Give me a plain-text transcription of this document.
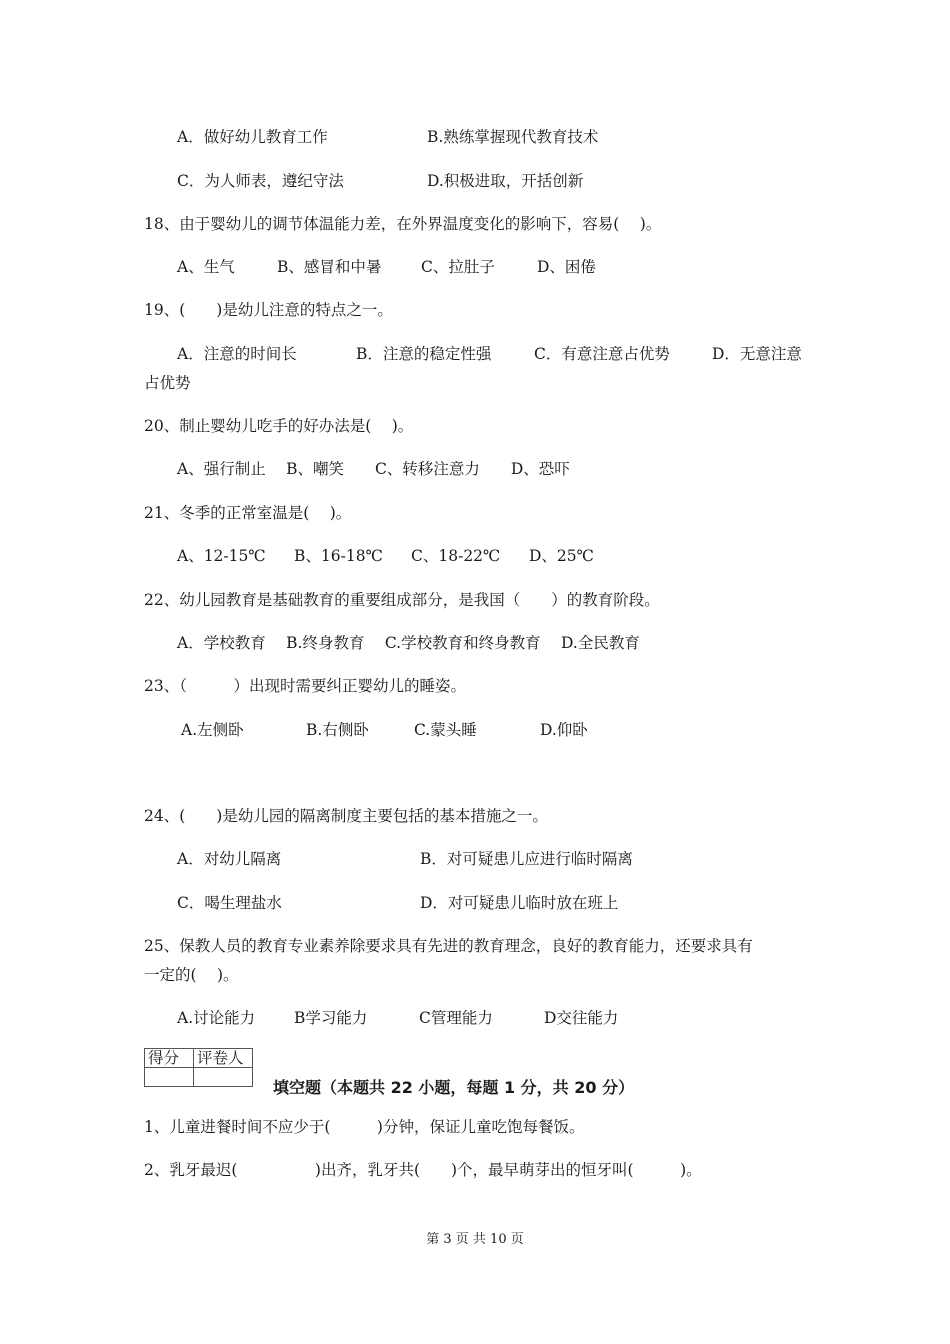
A．做好幼儿教育工作	B.熟练掌握现代教育技术
C．为人师表，遵纪守法	D.积极进取，开括创新
18、由于婴幼儿的调节体温能力差，在外界温度变化的影响下，容易(　 )。
A、生气	B、感冒和中暑	C、拉肚子	D、困倦
19、(　　)是幼儿注意的特点之一。
A．注意的时间长	B．注意的稳定性强	C．有意注意占优势	D．无意注意
占优势
20、制止婴幼儿吃手的好办法是(　 )。
A、强行制止　 B、嘲笑　　C、转移注意力　　D、恐吓
21、冬季的正常室温是(　 )。
A、12-15℃ B、16-18℃ C、18-22℃ D、25℃
22、幼儿园教育是基础教育的重要组成部分，是我国（　　）的教育阶段。
A．学校教育　 B.终身教育　 C.学校教育和终身教育　 D.全民教育
23、（　　　）出现时需要纠正婴幼儿的睡姿。
A.左侧卧	B.右侧卧	C.蒙头睡	D.仰卧
24、(　　)是幼儿园的隔离制度主要包括的基本措施之一。
A．对幼儿隔离	B．对可疑患儿应进行临时隔离
C．喝生理盐水	D．对可疑患儿临时放在班上
25、保教人员的教育专业素养除要求具有先进的教育理念，良好的教育能力，还要求具有
一定的(　 )。
A.讨论能力	B学习能力	C管理能力	D交往能力
得分	评卷人

填空题（本题共 22 小题，每题 1 分，共 20 分）
1、儿童进餐时间不应少于(　　　)分钟，保证儿童吃饱每餐饭。
2、乳牙最迟(　　　　　)出齐，乳牙共(　　)个，最早萌芽出的恒牙叫(　　　)。
第 3 页 共 10 页
